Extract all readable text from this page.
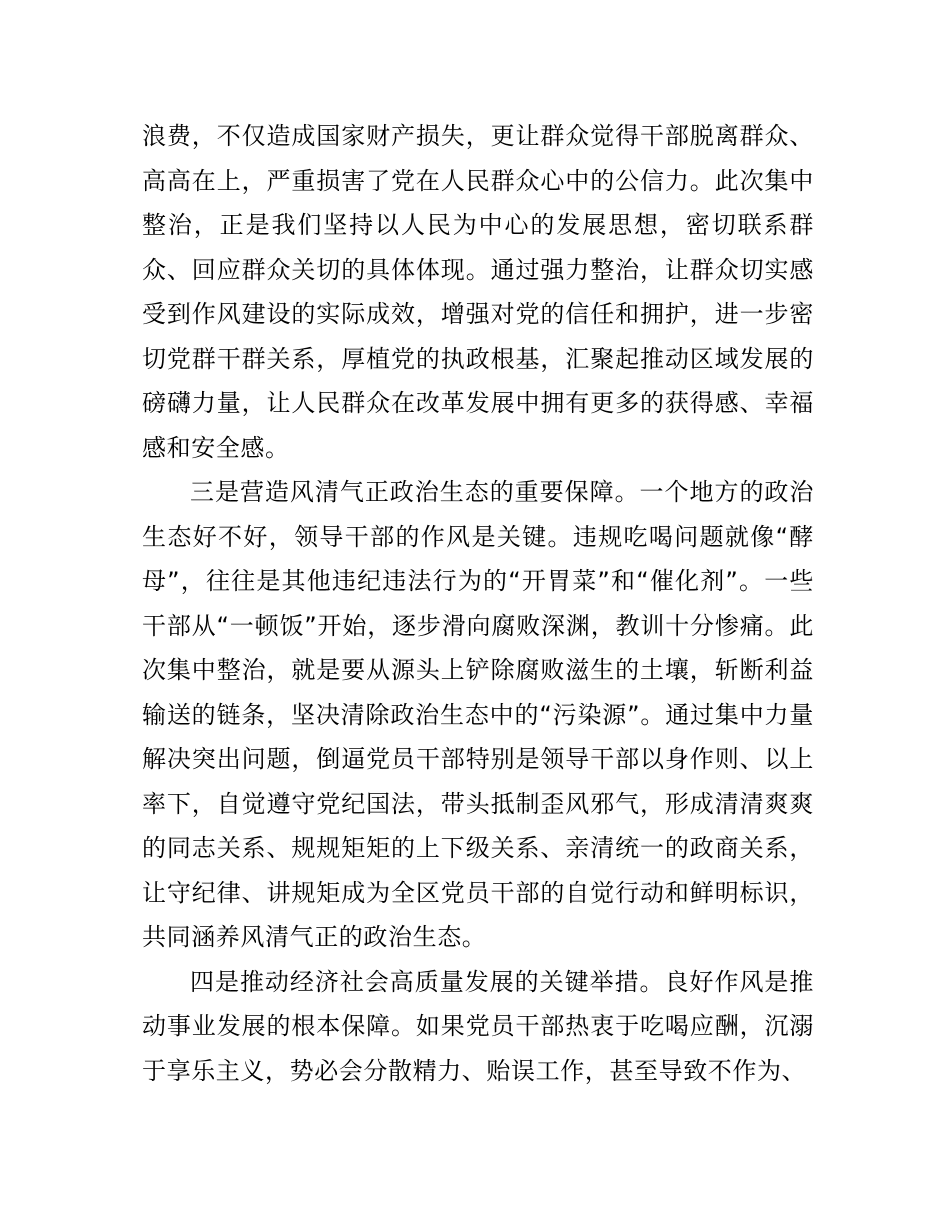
浪费，不仅造成国家财产损失，更让群众觉得干部脱离群众、高高在上，严重损害了党在人民群众心中的公信力。此次集中整治，正是我们坚持以人民为中心的发展思想，密切联系群众、回应群众关切的具体体现。通过强力整治，让群众切实感受到作风建设的实际成效，增强对党的信任和拥护，进一步密切党群干群关系，厚植党的执政根基，汇聚起推动区域发展的磅礴力量，让人民群众在改革发展中拥有更多的获得感、幸福感和安全感。

三是营造风清气正政治生态的重要保障。一个地方的政治生态好不好，领导干部的作风是关键。违规吃喝问题就像“酵母”，往往是其他违纪违法行为的“开胃菜”和“催化剂”。一些干部从“一顿饭”开始，逐步滑向腐败深渊，教训十分惨痛。此次集中整治，就是要从源头上铲除腐败滋生的土壤，斩断利益输送的链条，坚决清除政治生态中的“污染源”。通过集中力量解决突出问题，倒逼党员干部特别是领导干部以身作则、以上率下，自觉遵守党纪国法，带头抵制歪风邪气，形成清清爽爽的同志关系、规规矩矩的上下级关系、亲清统一的政商关系，让守纪律、讲规矩成为全区党员干部的自觉行动和鲜明标识，共同涵养风清气正的政治生态。

四是推动经济社会高质量发展的关键举措。良好作风是推动事业发展的根本保障。如果党员干部热衷于吃喝应酬，沉溺于享乐主义，势必会分散精力、贻误工作，甚至导致不作为、
